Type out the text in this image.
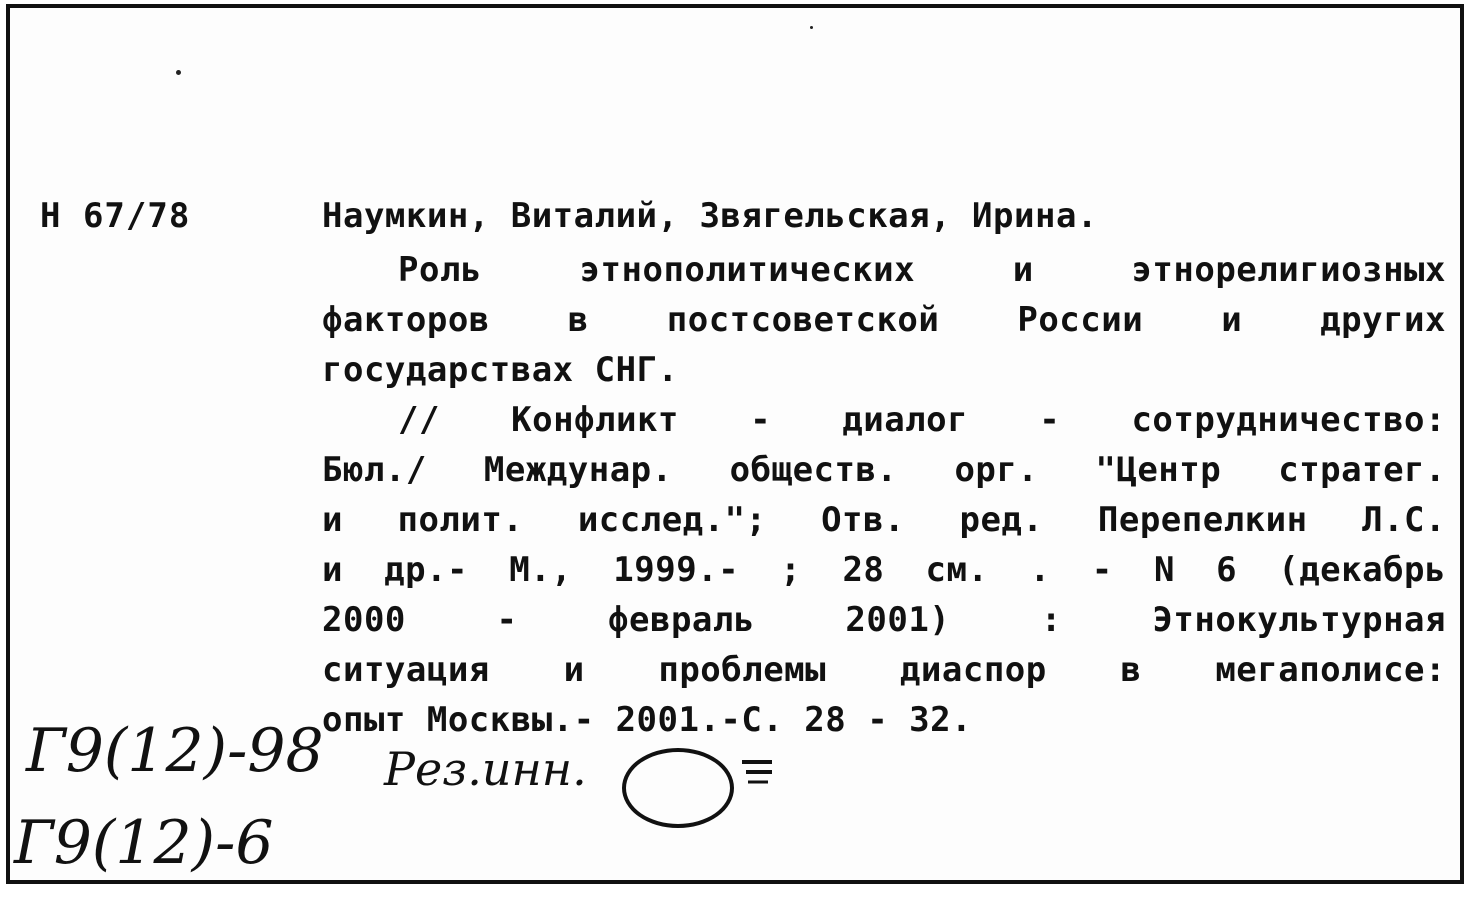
Н 67/78	Наумкин, Виталий, Звягельская, Ирина.
Роль этнополитических и этнорелигиозных
факторов в постсоветской России и других
государствах СНГ.
// Конфликт - диалог - сотрудничество:
Бюл./ Междунар. обществ. орг. "Центр стратег.
и полит. исслед."; Отв. ред. Перепелкин Л.С.
и др.- М., 1999.- ; 28 см. . - N 6 (декабрь
2000 - февраль 2001) : Этнокультурная
ситуация и проблемы диаспор в мегаполисе:
опыт Москвы.- 2001.-С. 28 - 32.
Г9(12)-98
Г9(12)-6
Рез.инн.
